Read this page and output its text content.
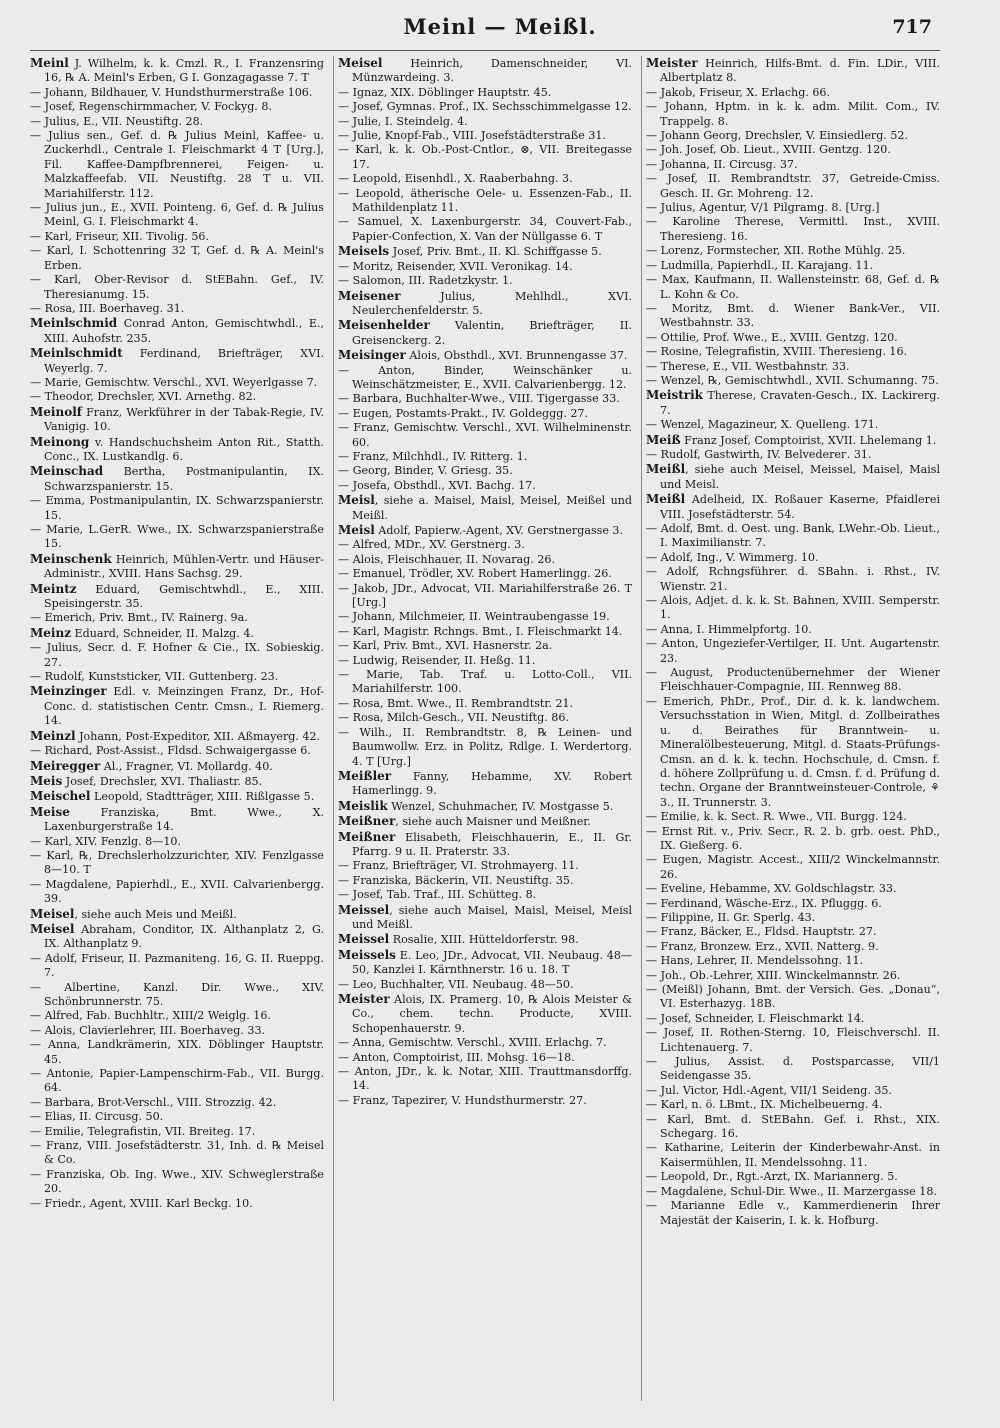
Meinl — Meißl.	717

Meinl J. Wilhelm, k. k. Cmzl. R., I. Franzensring 16, ℞ A. Meinl's Erben, G I. Gonzagagasse 7. T

— Johann, Bildhauer, V. Hundsthurmerstraße 106.

— Josef, Regenschirmmacher, V. Fockyg. 8.

— Julius, E., VII. Neustiftg. 28.

— Julius sen., Gef. d. ℞ Julius Meinl, Kaffee- u. Zuckerhdl., Centrale I. Fleischmarkt 4 T [Urg.], Fil. Kaffee-Dampfbrennerei, Feigen- u. Malzkaffeefab. VII. Neustiftg. 28 T u. VII. Mariahilferstr. 112.

— Julius jun., E., XVII. Pointeng. 6, Gef. d. ℞ Julius Meinl, G. I. Fleischmarkt 4.

— Karl, Friseur, XII. Tivolig. 56.

— Karl, I. Schottenring 32 T, Gef. d. ℞ A. Meinl's Erben.

— Karl, Ober-Revisor d. StEBahn. Gef., IV. Theresianumg. 15.

— Rosa, III. Boerhaveg. 31.

Meinlschmid Conrad Anton, Gemischtwhdl., E., XIII. Auhofstr. 235.

Meinlschmidt Ferdinand, Briefträger, XVI. Weyerlg. 7.

— Marie, Gemischtw. Verschl., XVI. Weyerlgasse 7.

— Theodor, Drechsler, XVI. Arnethg. 82.

Meinolf Franz, Werkführer in der Tabak-Regie, IV. Vanigig. 10.

Meinong v. Handschuchsheim Anton Rit., Statth. Conc., IX. Lustkandlg. 6.

Meinschad Bertha, Postmanipulantin, IX. Schwarzspanierstr. 15.

— Emma, Postmanipulantin, IX. Schwarzspanierstr. 15.

— Marie, L.GerR. Wwe., IX. Schwarzspanierstraße 15.

Meinschenk Heinrich, Mühlen-Vertr. und Häuser-Administr., XVIII. Hans Sachsg. 29.

Meintz Eduard, Gemischtwhdl., E., XIII. Speisingerstr. 35.

— Emerich, Priv. Bmt., IV. Rainerg. 9a.

Meinz Eduard, Schneider, II. Malzg. 4.

— Julius, Secr. d. F. Hofner & Cie., IX. Sobieskig. 27.

— Rudolf, Kunststicker, VII. Guttenberg. 23.

Meinzinger Edl. v. Meinzingen Franz, Dr., Hof-Conc. d. statistischen Centr. Cmsn., I. Riemerg. 14.

Meinzl Johann, Post-Expeditor, XII. Aßmayerg. 42.

— Richard, Post-Assist., Fldsd. Schwaigergasse 6.

Meiregger Al., Fragner, VI. Mollardg. 40.

Meis Josef, Drechsler, XVI. Thaliastr. 85.

Meischel Leopold, Stadtträger, XIII. Rißlgasse 5.

Meise Franziska, Bmt. Wwe., X. Laxenburgerstraße 14.

— Karl, XIV. Fenzlg. 8—10.

— Karl, ℞, Drechslerholzzurichter, XIV. Fenzlgasse 8—10. T

— Magdalene, Papierhdl., E., XVII. Calvarienbergg. 39.

Meisel, siehe auch Meis und Meißl.

Meisel Abraham, Conditor, IX. Althanplatz 2, G. IX. Althanplatz 9.

— Adolf, Friseur, II. Pazmaniteng. 16, G. II. Rueppg. 7.

— Albertine, Kanzl. Dir. Wwe., XIV. Schönbrunnerstr. 75.

— Alfred, Fab. Buchhltr., XIII/2 Weiglg. 16.

— Alois, Clavierlehrer, III. Boerhaveg. 33.

— Anna, Landkrämerin, XIX. Döblinger Hauptstr. 45.

— Antonie, Papier-Lampenschirm-Fab., VII. Burgg. 64.

— Barbara, Brot-Verschl., VIII. Strozzig. 42.

— Elias, II. Circusg. 50.

— Emilie, Telegrafistin, VII. Breiteg. 17.

— Franz, VIII. Josefstädterstr. 31, Inh. d. ℞ Meisel & Co.

— Franziska, Ob. Ing. Wwe., XIV. Schweglerstraße 20.

— Friedr., Agent, XVIII. Karl Beckg. 10.

Meisel Heinrich, Damenschneider, VI. Münzwardeing. 3.

— Ignaz, XIX. Döblinger Hauptstr. 45.

— Josef, Gymnas. Prof., IX. Sechsschimmelgasse 12.

— Julie, I. Steindelg. 4.

— Julie, Knopf-Fab., VIII. Josefstädterstraße 31.

— Karl, k. k. Ob.-Post-Cntlor., ⊗, VII. Breitegasse 17.

— Leopold, Eisenhdl., X. Raaberbahng. 3.

— Leopold, ätherische Oele- u. Essenzen-Fab., II. Mathildenplatz 11.

— Samuel, X. Laxenburgerstr. 34, Couvert-Fab., Papier-Confection, X. Van der Nüllgasse 6. T

Meisels Josef, Priv. Bmt., II. Kl. Schiffgasse 5.

— Moritz, Reisender, XVII. Veronikag. 14.

— Salomon, III. Radetzkystr. 1.

Meisener Julius, Mehlhdl., XVI. Neulerchenfelderstr. 5.

Meisenhelder Valentin, Briefträger, II. Greisenckerg. 2.

Meisinger Alois, Obsthdl., XVI. Brunnengasse 37.

— Anton, Binder, Weinschänker u. Weinschätzmeister, E., XVII. Calvarienbergg. 12.

— Barbara, Buchhalter-Wwe., VIII. Tigergasse 33.

— Eugen, Postamts-Prakt., IV. Goldeggg. 27.

— Franz, Gemischtw. Verschl., XVI. Wilhelminenstr. 60.

— Franz, Milchhdl., IV. Ritterg. 1.

— Georg, Binder, V. Griesg. 35.

— Josefa, Obsthdl., XVI. Bachg. 17.

Meisl, siehe a. Maisel, Maisl, Meisel, Meißel und Meißl.

Meisl Adolf, Papierw.-Agent, XV. Gerstnergasse 3.

— Alfred, MDr., XV. Gerstnerg. 3.

— Alois, Fleischhauer, II. Novarag. 26.

— Emanuel, Trödler, XV. Robert Hamerlingg. 26.

— Jakob, JDr., Advocat, VII. Mariahilferstraße 26. T [Urg.]

— Johann, Milchmeier, II. Weintraubengasse 19.

— Karl, Magistr. Rchngs. Bmt., I. Fleischmarkt 14.

— Karl, Priv. Bmt., XVI. Hasnerstr. 2a.

— Ludwig, Reisender, II. Heßg. 11.

— Marie, Tab. Traf. u. Lotto-Coll., VII. Mariahilferstr. 100.

— Rosa, Bmt. Wwe., II. Rembrandtstr. 21.

— Rosa, Milch-Gesch., VII. Neustiftg. 86.

— Wilh., II. Rembrandtstr. 8, ℞ Leinen- und Baumwollw. Erz. in Politz, Rdlge. I. Werdertorg. 4. T [Urg.]

Meißler Fanny, Hebamme, XV. Robert Hamerlingg. 9.

Meislik Wenzel, Schuhmacher, IV. Mostgasse 5.

Meißner, siehe auch Maisner und Meißner.

Meißner Elisabeth, Fleischhauerin, E., II. Gr. Pfarrg. 9 u. II. Praterstr. 33.

— Franz, Briefträger, VI. Strohmayerg. 11.

— Franziska, Bäckerin, VII. Neustiftg. 35.

— Josef, Tab. Traf., III. Schütteg. 8.

Meissel, siehe auch Maisel, Maisl, Meisel, Meisl und Meißl.

Meissel Rosalie, XIII. Hütteldorferstr. 98.

Meissels E. Leo, JDr., Advocat, VII. Neubaug. 48—50, Kanzlei I. Kärnthnerstr. 16 u. 18. T

— Leo, Buchhalter, VII. Neubaug. 48—50.

Meister Alois, IX. Pramerg. 10, ℞ Alois Meister & Co., chem. techn. Producte, XVIII. Schopenhauerstr. 9.

— Anna, Gemischtw. Verschl., XVIII. Erlachg. 7.

— Anton, Comptoirist, III. Mohsg. 16—18.

— Anton, JDr., k. k. Notar, XIII. Trauttmansdorffg. 14.

— Franz, Tapezirer, V. Hundsthurmerstr. 27.

Meister Heinrich, Hilfs-Bmt. d. Fin. LDir., VIII. Albertplatz 8.

— Jakob, Friseur, X. Erlachg. 66.

— Johann, Hptm. in k. k. adm. Milit. Com., IV. Trappelg. 8.

— Johann Georg, Drechsler, V. Einsiedlerg. 52.

— Joh. Josef, Ob. Lieut., XVIII. Gentzg. 120.

— Johanna, II. Circusg. 37.

— Josef, II. Rembrandtstr. 37, Getreide-Cmiss. Gesch. II. Gr. Mohreng. 12.

— Julius, Agentur, V/1 Pilgramg. 8. [Urg.]

— Karoline Therese, Vermittl. Inst., XVIII. Theresieng. 16.

— Lorenz, Formstecher, XII. Rothe Mühlg. 25.

— Ludmilla, Papierhdl., II. Karajang. 11.

— Max, Kaufmann, II. Wallensteinstr. 68, Gef. d. ℞ L. Kohn & Co.

— Moritz, Bmt. d. Wiener Bank-Ver., VII. Westbahnstr. 33.

— Ottilie, Prof. Wwe., E., XVIII. Gentzg. 120.

— Rosine, Telegrafistin, XVIII. Theresieng. 16.

— Therese, E., VII. Westbahnstr. 33.

— Wenzel, ℞, Gemischtwhdl., XVII. Schumanng. 75.

Meistrik Therese, Cravaten-Gesch., IX. Lackirerg. 7.

— Wenzel, Magazineur, X. Quelleng. 171.

Meiß Franz Josef, Comptoirist, XVII. Lhelemang 1.

— Rudolf, Gastwirth, IV. Belvederег. 31.

Meißl, siehe auch Meisel, Meissel, Maisel, Maisl und Meisl.

Meißl Adelheid, IX. Roßauer Kaserne, Pfaidlerei VIII. Josefstädterstr. 54.

— Adolf, Bmt. d. Oest. ung. Bank, LWehr.-Ob. Lieut., I. Maximilianstr. 7.

— Adolf, Ing., V. Wimmerg. 10.

— Adolf, Rchngsführer. d. SBahn. i. Rhst., IV. Wienstr. 21.

— Alois, Adjet. d. k. k. St. Bahnen, XVIII. Semperstr. 1.

— Anna, I. Himmelpfortg. 10.

— Anton, Ungeziefer-Vertilger, II. Unt. Augartenstr. 23.

— August, Productenübernehmer der Wiener Fleischhauer-Compagnie, III. Rennweg 88.

— Emerich, PhDr., Prof., Dir. d. k. k. landwchem. Versuchsstation in Wien, Mitgl. d. Zollbeirathes u. d. Beirathes für Branntwein- u. Mineralölbesteuerung, Mitgl. d. Staats-Prüfungs-Cmsn. an d. k. k. techn. Hochschule, d. Cmsn. f. d. höhere Zollprüfung u. d. Cmsn. f. d. Prüfung d. techn. Organe der Branntweinsteuer-Controle, ⚘ 3., II. Trunnerstr. 3.

— Emilie, k. k. Sect. R. Wwe., VII. Burgg. 124.

— Ernst Rit. v., Priv. Secr., R. 2. b. grb. oest. PhD., IX. Gießerg. 6.

— Eugen, Magistr. Accest., XIII/2 Winckelmannstr. 26.

— Eveline, Hebamme, XV. Goldschlagstr. 33.

— Ferdinand, Wäsche-Erz., IX. Pfluggg. 6.

— Filippine, II. Gr. Sperlg. 43.

— Franz, Bäcker, E., Fldsd. Hauptstr. 27.

— Franz, Bronzew. Erz., XVII. Natterg. 9.

— Hans, Lehrer, II. Mendelssohng. 11.

— Joh., Ob.-Lehrer, XIII. Winckelmannstr. 26.

— (Meißl) Johann, Bmt. der Versich. Ges. „Donau“, VI. Esterhazyg. 18B.

— Josef, Schneider, I. Fleischmarkt 14.

— Josef, II. Rothen-Sterng. 10, Fleischverschl. II. Lichtenauerg. 7.

— Julius, Assist. d. Postsparcasse, VII/1 Seidengasse 35.

— Jul. Victor, Hdl.-Agent, VII/1 Seideng. 35.

— Karl, n. ö. LBmt., IX. Michelbeuerng. 4.

— Karl, Bmt. d. StEBahn. Gef. i. Rhst., XIX. Schegarg. 16.

— Katharine, Leiterin der Kinderbewahr-Anst. in Kaisermühlen, II. Mendelssohng. 11.

— Leopold, Dr., Rgt.-Arzt, IX. Mariannerg. 5.

— Magdalene, Schul-Dir. Wwe., II. Marzergasse 18.

— Marianne Edle v., Kammerdienerin Ihrer Majestät der Kaiserin, I. k. k. Hofburg.
